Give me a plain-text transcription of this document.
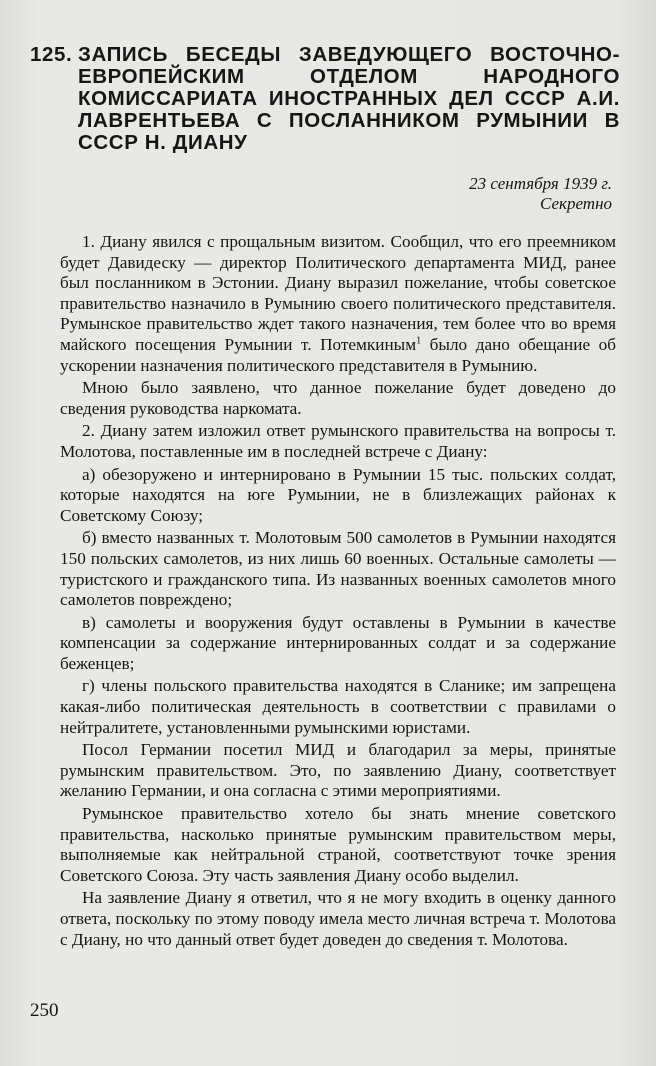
125. ЗАПИСЬ БЕСЕДЫ ЗАВЕДУЮЩЕГО ВОСТОЧНО-ЕВРОПЕЙСКИМ ОТДЕЛОМ НАРОДНОГО КОМИССАРИАТА ИНОСТРАННЫХ ДЕЛ СССР А.И. ЛАВРЕНТЬЕВА С ПОСЛАННИКОМ РУМЫНИИ В СССР Н. ДИАНУ
23 сентября 1939 г.
Секретно

1. Диану явился с прощальным визитом. Сообщил, что его преемником будет Давидеску — директор Политического департамента МИД, ранее был посланником в Эстонии. Диану выразил пожелание, чтобы советское правительство назначило в Румынию своего политического представителя. Румынское правительство ждет такого назначения, тем более что во время майского посещения Румынии т. Потемкиным$^1$ было дано обещание об ускорении назначения политического представителя в Румынию.

Мною было заявлено, что данное пожелание будет доведено до сведения руководства наркомата.

2. Диану затем изложил ответ румынского правительства на вопросы т. Молотова, поставленные им в последней встрече с Диану:

а) обезоружено и интернировано в Румынии 15 тыс. польских солдат, которые находятся на юге Румынии, не в близлежащих районах к Советскому Союзу;

б) вместо названных т. Молотовым 500 самолетов в Румынии находятся 150 польских самолетов, из них лишь 60 военных. Остальные самолеты — туристского и гражданского типа. Из названных военных самолетов много самолетов повреждено;

в) самолеты и вооружения будут оставлены в Румынии в качестве компенсации за содержание интернированных солдат и за содержание беженцев;

г) члены польского правительства находятся в Сланике; им запрещена какая-либо политическая деятельность в соответствии с правилами о нейтралитете, установленными румынскими юристами.

Посол Германии посетил МИД и благодарил за меры, принятые румынским правительством. Это, по заявлению Диану, соответствует желанию Германии, и она согласна с этими мероприятиями.

Румынское правительство хотело бы знать мнение советского правительства, насколько принятые румынским правительством меры, выполняемые как нейтральной страной, соответствуют точке зрения Советского Союза. Эту часть заявления Диану особо выделил.

На заявление Диану я ответил, что я не могу входить в оценку данного ответа, поскольку по этому поводу имела место личная встреча т. Молотова с Диану, но что данный ответ будет доведен до сведения т. Молотова.

250
